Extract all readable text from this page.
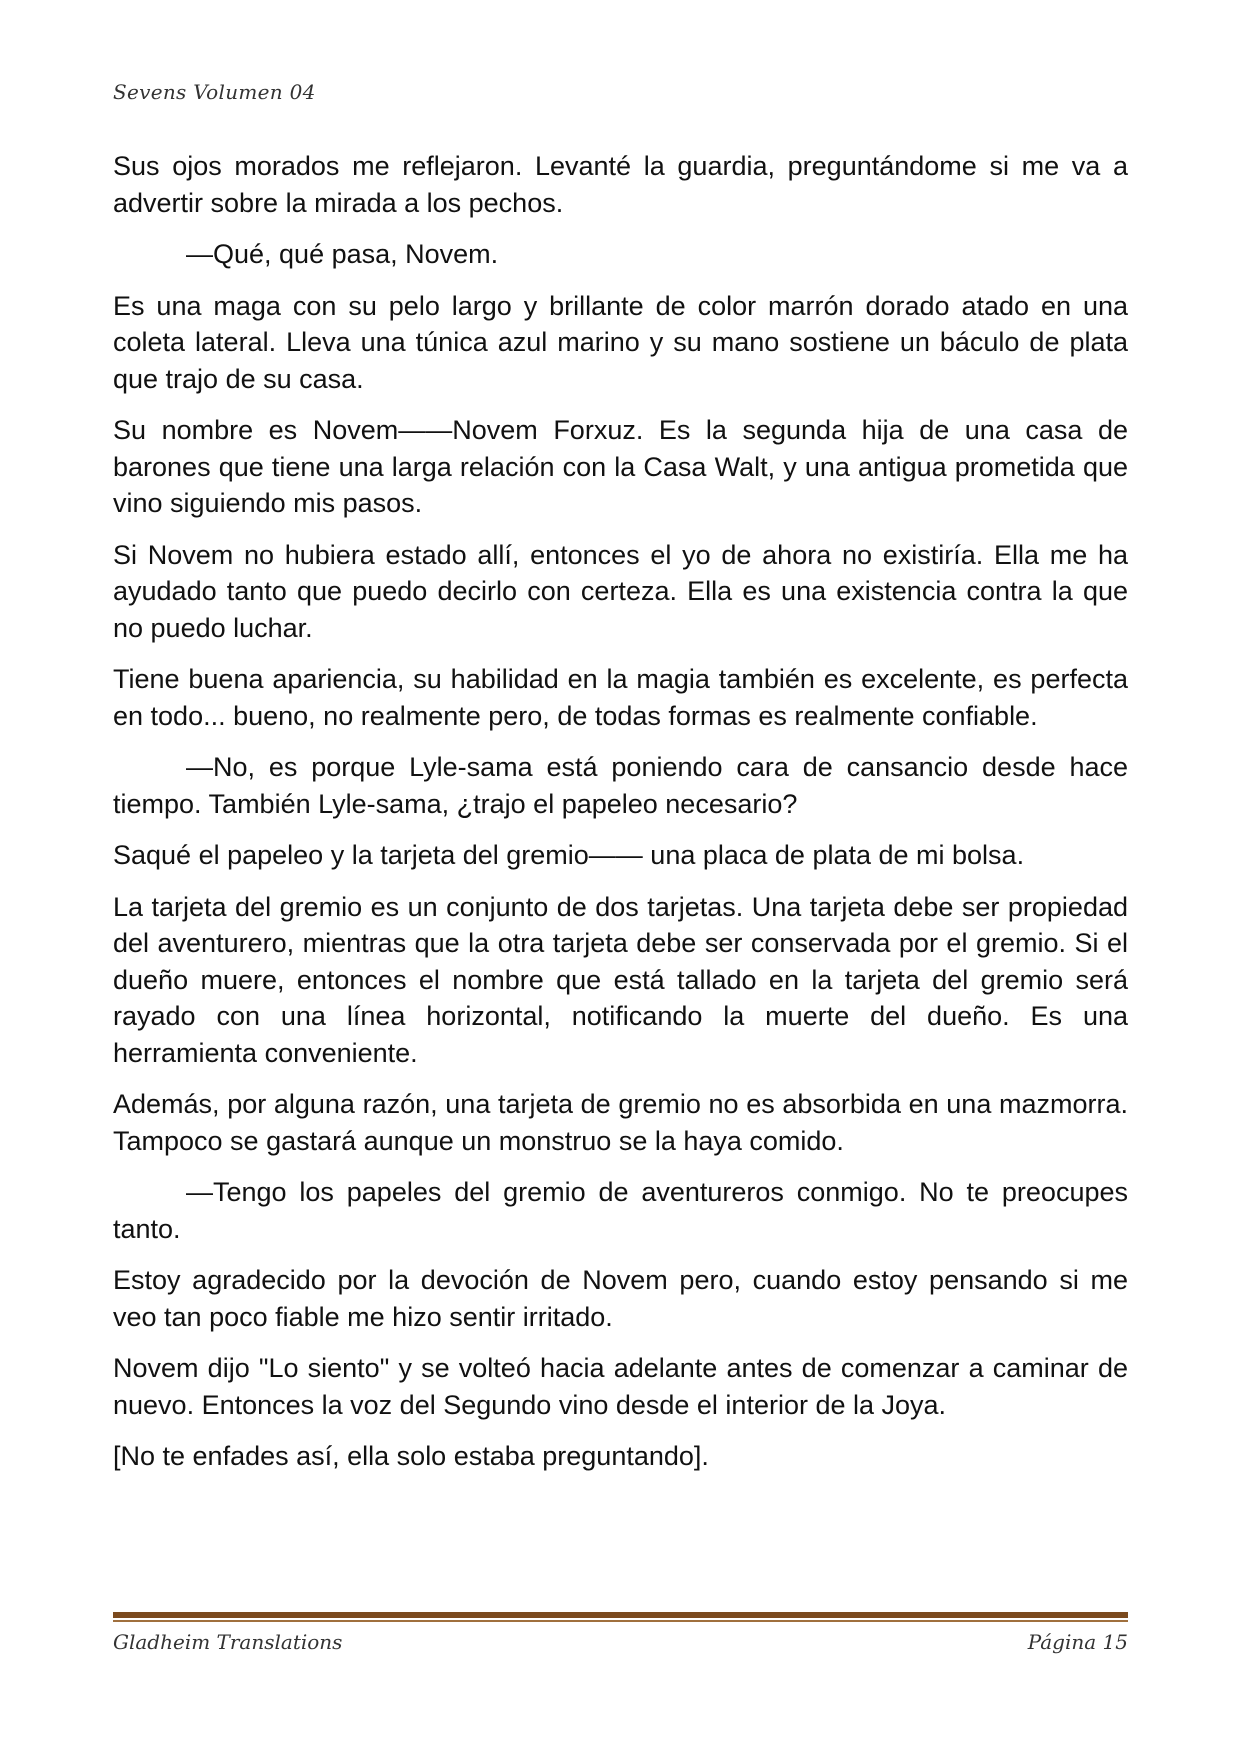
Sevens Volumen 04

Sus ojos morados me reflejaron. Levanté la guardia, preguntándome si me va a advertir sobre la mirada a los pechos.

—Qué, qué pasa, Novem.

Es una maga con su pelo largo y brillante de color marrón dorado atado en una coleta lateral. Lleva una túnica azul marino y su mano sostiene un báculo de plata que trajo de su casa.

Su nombre es Novem——Novem Forxuz. Es la segunda hija de una casa de barones que tiene una larga relación con la Casa Walt, y una antigua prometida que vino siguiendo mis pasos.

Si Novem no hubiera estado allí, entonces el yo de ahora no existiría. Ella me ha ayudado tanto que puedo decirlo con certeza. Ella es una existencia contra la que no puedo luchar.

Tiene buena apariencia, su habilidad en la magia también es excelente, es perfecta en todo... bueno, no realmente pero, de todas formas es realmente confiable.

—No, es porque Lyle-sama está poniendo cara de cansancio desde hace tiempo. También Lyle-sama, ¿trajo el papeleo necesario?

Saqué el papeleo y la tarjeta del gremio—— una placa de plata de mi bolsa.

La tarjeta del gremio es un conjunto de dos tarjetas. Una tarjeta debe ser propiedad del aventurero, mientras que la otra tarjeta debe ser conservada por el gremio. Si el dueño muere, entonces el nombre que está tallado en la tarjeta del gremio será rayado con una línea horizontal, notificando la muerte del dueño. Es una herramienta conveniente.

Además, por alguna razón, una tarjeta de gremio no es absorbida en una mazmorra. Tampoco se gastará aunque un monstruo se la haya comido.

—Tengo los papeles del gremio de aventureros conmigo. No te preocupes tanto.

Estoy agradecido por la devoción de Novem pero, cuando estoy pensando si me veo tan poco fiable me hizo sentir irritado.

Novem dijo "Lo siento" y se volteó hacia adelante antes de comenzar a caminar de nuevo. Entonces la voz del Segundo vino desde el interior de la Joya.

[No te enfades así, ella solo estaba preguntando].

Gladheim Translations	Página 15
